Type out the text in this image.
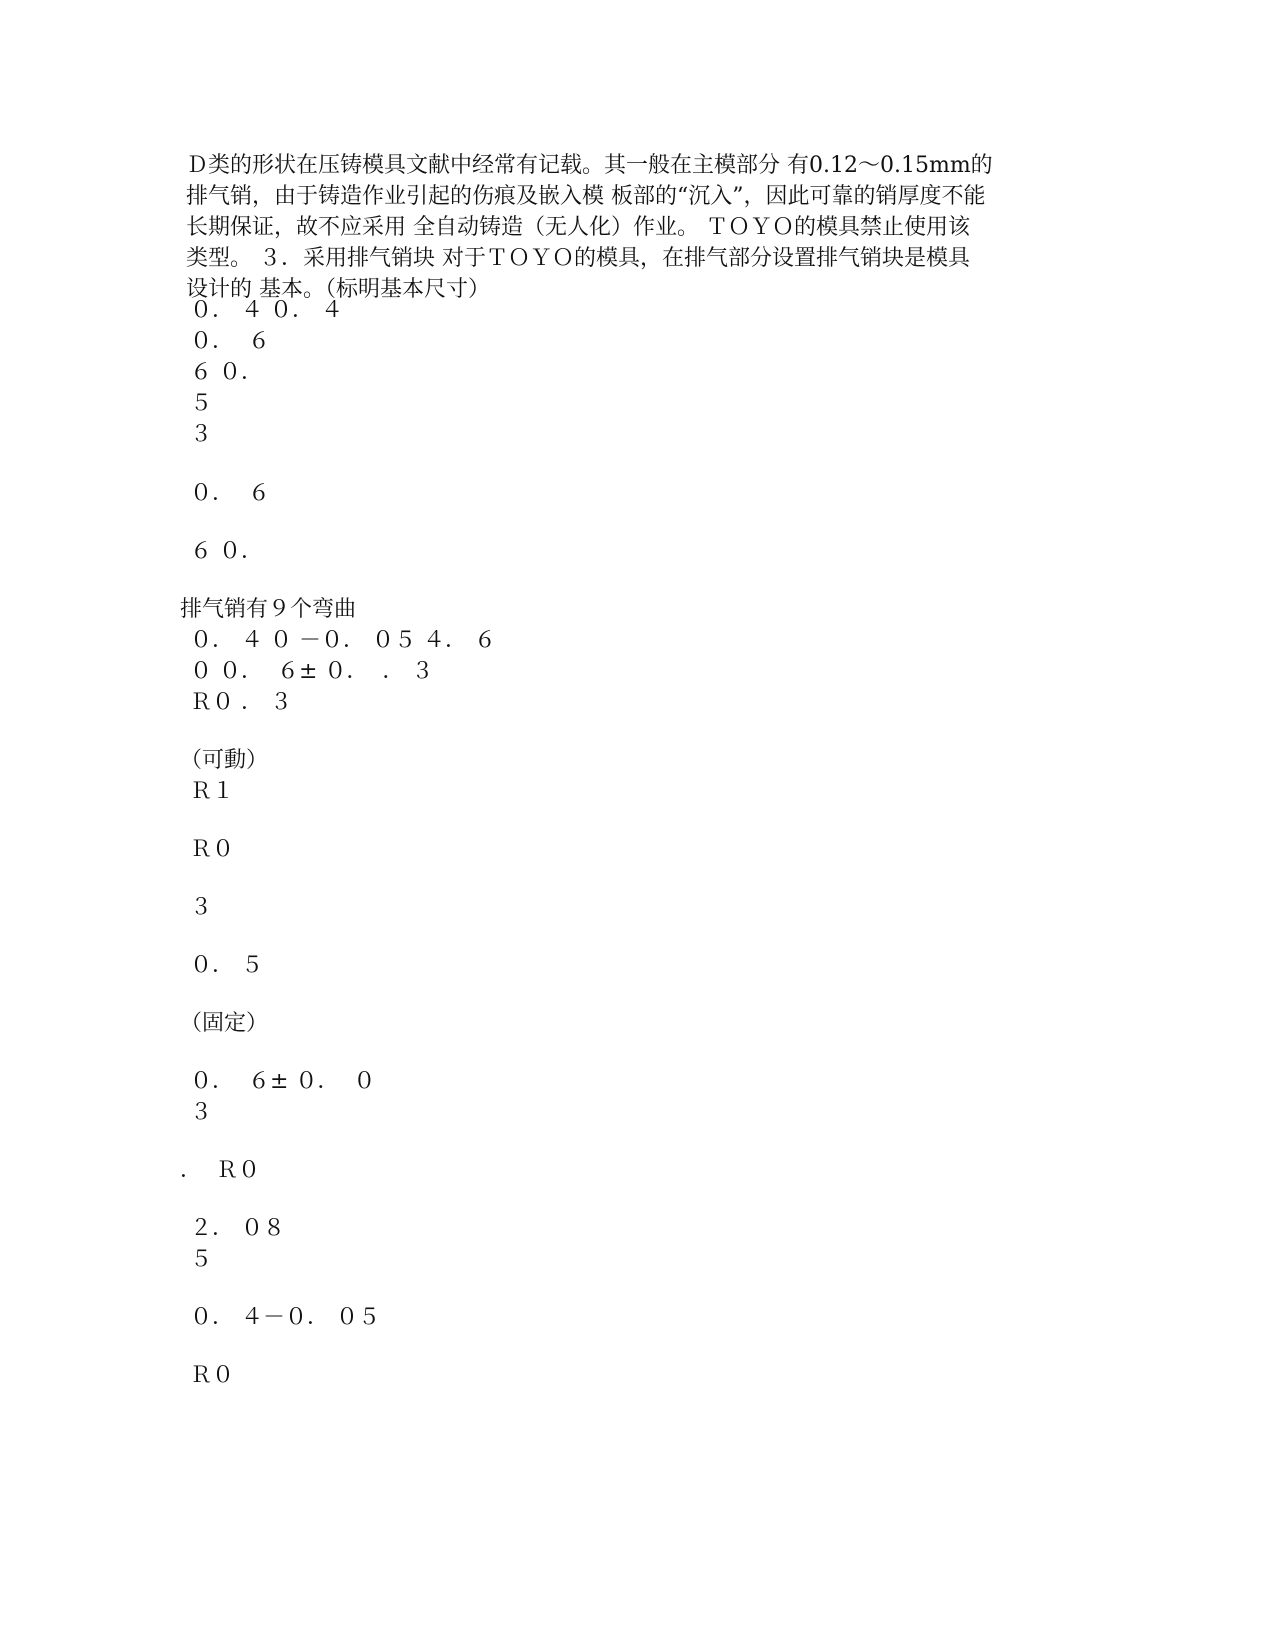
Ｄ类的形状在压铸模具文献中经常有记载。其一般在主模部分 有0.12～0.15mm的
排气销，由于铸造作业引起的伤痕及嵌入模 板部的“沉入”，因此可靠的销厚度不能
长期保证，故不应采用 全自动铸造（无人化）作业。 ＴＯＹＯ的模具禁止使用该
类型。 ３．采用排气销块 对于ＴＯＹＯ的模具，在排气部分设置排气销块是模具
设计的 基本。（标明基本尺寸）
０． ４ ０． ４
０．  ６
６ ０．
５
３
０．  ６
６ ０．
排气销有９个弯曲
０． ４ ０ －０． ０５ ４． ６
０ ０．  ６± ０．  ． ３
Ｒ０ ． ３
（可動）
Ｒ１
Ｒ０
３
０． ５
（固定）
０．  ６± ０．  ０
３
．  Ｒ０
２． ０８
５
０． ４－０． ０５
Ｒ０
